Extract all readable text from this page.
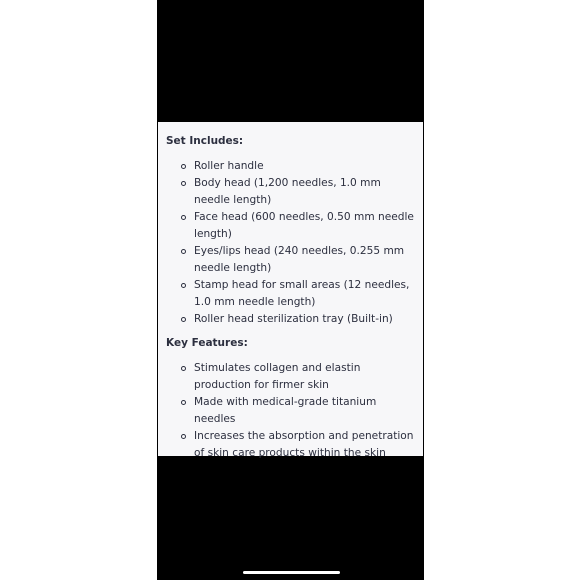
Set Includes:
Roller handle
Body head (1,200 needles, 1.0 mm needle length)
Face head (600 needles, 0.50 mm needle length)
Eyes/lips head (240 needles, 0.255 mm needle length)
Stamp head for small areas (12 needles, 1.0 mm needle length)
Roller head sterilization tray (Built-in)
Key Features:
Stimulates collagen and elastin production for firmer skin
Made with medical-grade titanium needles
Increases the absorption and penetration of skin care products within the skin
